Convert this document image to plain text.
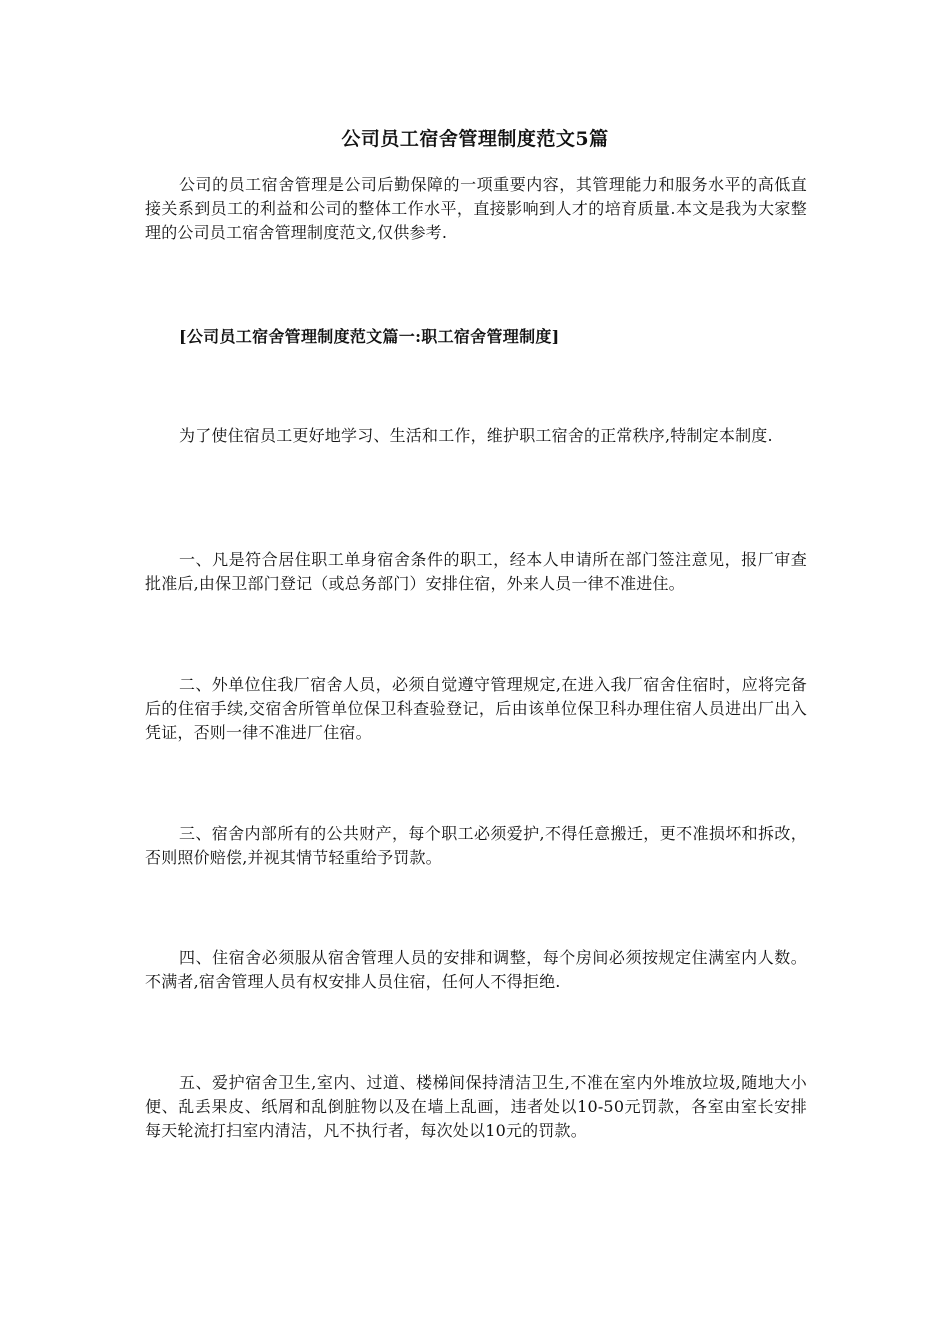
公司员工宿舍管理制度范文5篇
公司的员工宿舍管理是公司后勤保障的一项重要内容，其管理能力和服务水平的高低直接关系到员工的利益和公司的整体工作水平，直接影响到人才的培育质量.本文是我为大家整理的公司员工宿舍管理制度范文,仅供参考.
[公司员工宿舍管理制度范文篇一:职工宿舍管理制度]
为了使住宿员工更好地学习、生活和工作，维护职工宿舍的正常秩序,特制定本制度.
一、凡是符合居住职工单身宿舍条件的职工，经本人申请所在部门签注意见，报厂审查批准后,由保卫部门登记（或总务部门）安排住宿，外来人员一律不准进住。
二、外单位住我厂宿舍人员，必须自觉遵守管理规定,在进入我厂宿舍住宿时，应将完备后的住宿手续,交宿舍所管单位保卫科查验登记，后由该单位保卫科办理住宿人员进出厂出入凭证，否则一律不准进厂住宿。
三、宿舍内部所有的公共财产，每个职工必须爱护,不得任意搬迁，更不准损坏和拆改，否则照价赔偿,并视其情节轻重给予罚款。
四、住宿舍必须服从宿舍管理人员的安排和调整，每个房间必须按规定住满室内人数。不满者,宿舍管理人员有权安排人员住宿，任何人不得拒绝.
五、爱护宿舍卫生,室内、过道、楼梯间保持清洁卫生,不准在室内外堆放垃圾,随地大小便、乱丢果皮、纸屑和乱倒脏物以及在墙上乱画，违者处以10-50元罚款，各室由室长安排每天轮流打扫室内清洁，凡不执行者，每次处以10元的罚款。
